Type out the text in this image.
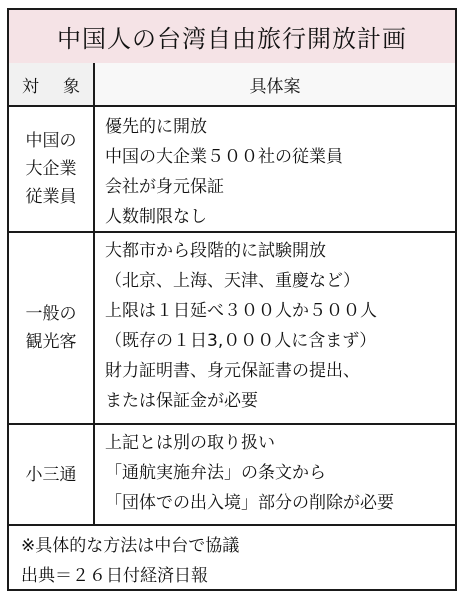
中国人の台湾自由旅行開放計画
対 象	具体案
中国の
大企業
従業員
優先的に開放
中国の大企業５００社の従業員
会社が身元保証
人数制限なし
一般の
観光客
大都市から段階的に試験開放
（北京、上海、天津、重慶など）
上限は１日延べ３００人か５００人
（既存の１日3,０００人に含まず）
財力証明書、身元保証書の提出、
または保証金が必要
小三通
上記とは別の取り扱い
「通航実施弁法」の条文から
「団体での出入境」部分の削除が必要
※具体的な方法は中台で協議
出典＝２６日付経済日報
